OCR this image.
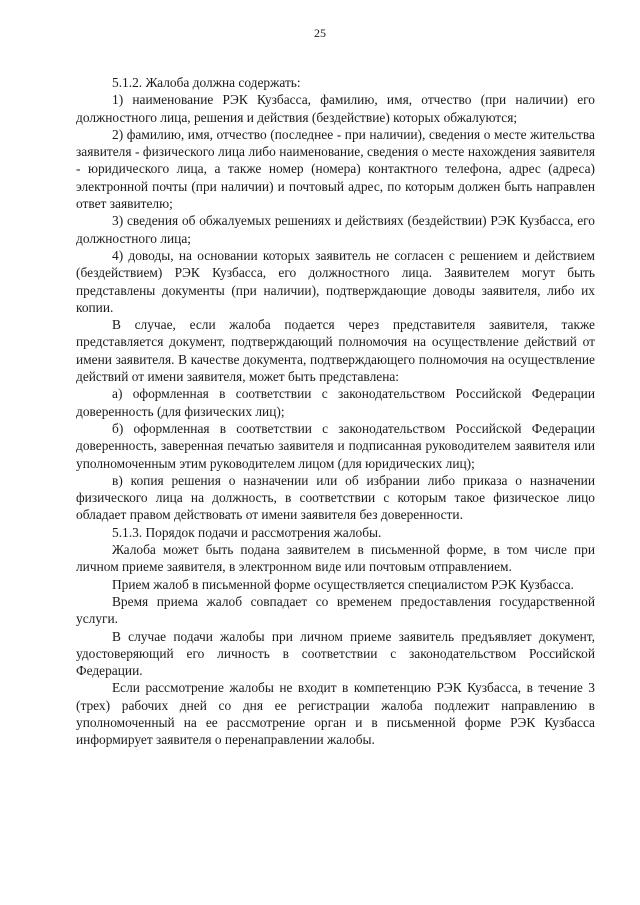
25

5.1.2. Жалоба должна содержать:

1) наименование РЭК Кузбасса, фамилию, имя, отчество (при наличии) его должностного лица, решения и действия (бездействие) которых обжалуются;

2) фамилию, имя, отчество (последнее - при наличии), сведения о месте жительства заявителя - физического лица либо наименование, сведения о месте нахождения заявителя - юридического лица, а также номер (номера) контактного телефона, адрес (адреса) электронной почты (при наличии) и почтовый адрес, по которым должен быть направлен ответ заявителю;

3) сведения об обжалуемых решениях и действиях (бездействии) РЭК Кузбасса, его должностного лица;

4) доводы, на основании которых заявитель не согласен с решением и действием (бездействием) РЭК Кузбасса, его должностного лица. Заявителем могут быть представлены документы (при наличии), подтверждающие доводы заявителя, либо их копии.

В случае, если жалоба подается через представителя заявителя, также представляется документ, подтверждающий полномочия на осуществление действий от имени заявителя. В качестве документа, подтверждающего полномочия на осуществление действий от имени заявителя, может быть представлена:

а) оформленная в соответствии с законодательством Российской Федерации доверенность (для физических лиц);

б) оформленная в соответствии с законодательством Российской Федерации доверенность, заверенная печатью заявителя и подписанная руководителем заявителя или уполномоченным этим руководителем лицом (для юридических лиц);

в) копия решения о назначении или об избрании либо приказа о назначении физического лица на должность, в соответствии с которым такое физическое лицо обладает правом действовать от имени заявителя без доверенности.

5.1.3. Порядок подачи и рассмотрения жалобы.

Жалоба может быть подана заявителем в письменной форме, в том числе при личном приеме заявителя, в электронном виде или почтовым отправлением.

Прием жалоб в письменной форме осуществляется специалистом РЭК Кузбасса.

Время приема жалоб совпадает со временем предоставления государственной услуги.

В случае подачи жалобы при личном приеме заявитель предъявляет документ, удостоверяющий его личность в соответствии с законодательством Российской Федерации.

Если рассмотрение жалобы не входит в компетенцию РЭК Кузбасса, в течение 3 (трех) рабочих дней со дня ее регистрации жалоба подлежит направлению в уполномоченный на ее рассмотрение орган и в письменной форме РЭК Кузбасса информирует заявителя о перенаправлении жалобы.
